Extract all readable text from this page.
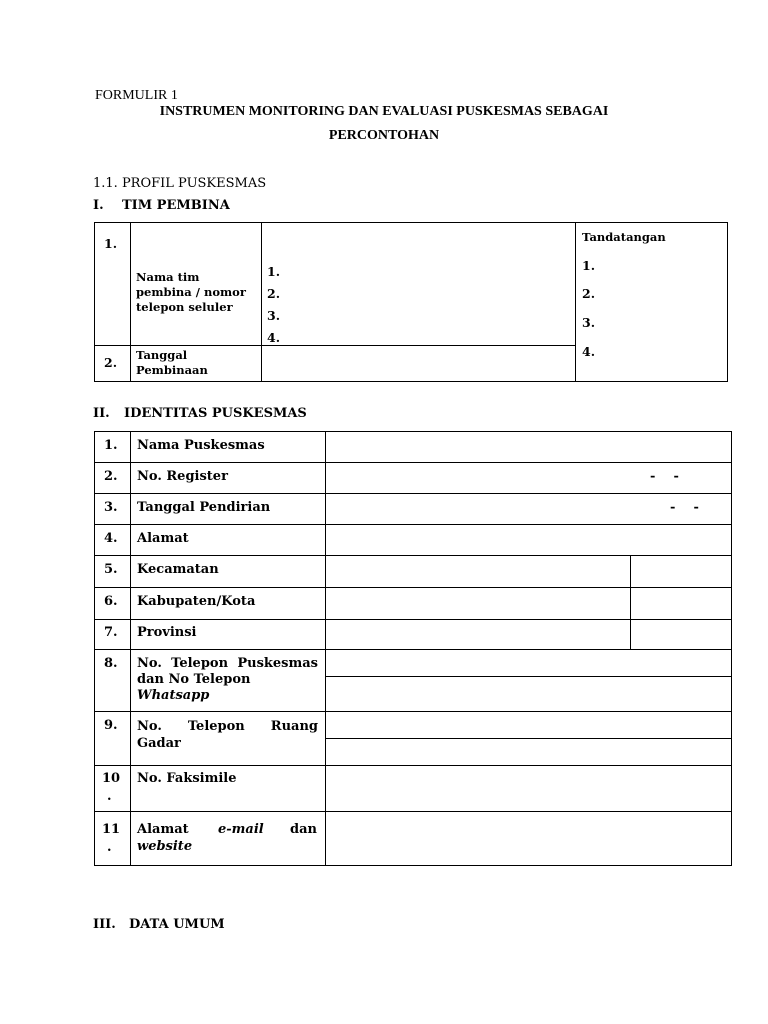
FORMULIR 1
INSTRUMEN MONITORING DAN EVALUASI PUSKESMAS SEBAGAI
PERCONTOHAN
1.1. PROFIL PUSKESMAS
I. TIM PEMBINA
1.
Nama tim pembina / nomor telepon seluler
1.
2.
3.
4.
Tandatangan
1.
2.
3.
4.
2. Tanggal Pembinaan
II. IDENTITAS PUSKESMAS
1.
2.
3.
4.
5.
6.
7.
8.
9.
10
.
11
.
Nama Puskesmas
No. Register
Tanggal Pendirian
Alamat
Kecamatan
Kabupaten/Kota
Provinsi
No. Telepon Puskesmas dan No Telepon
Whatsapp
No. Telepon Ruang Gadar
No. Faksimile
Alamat e-mail dan
website
-    -
-    -
III. DATA UMUM
